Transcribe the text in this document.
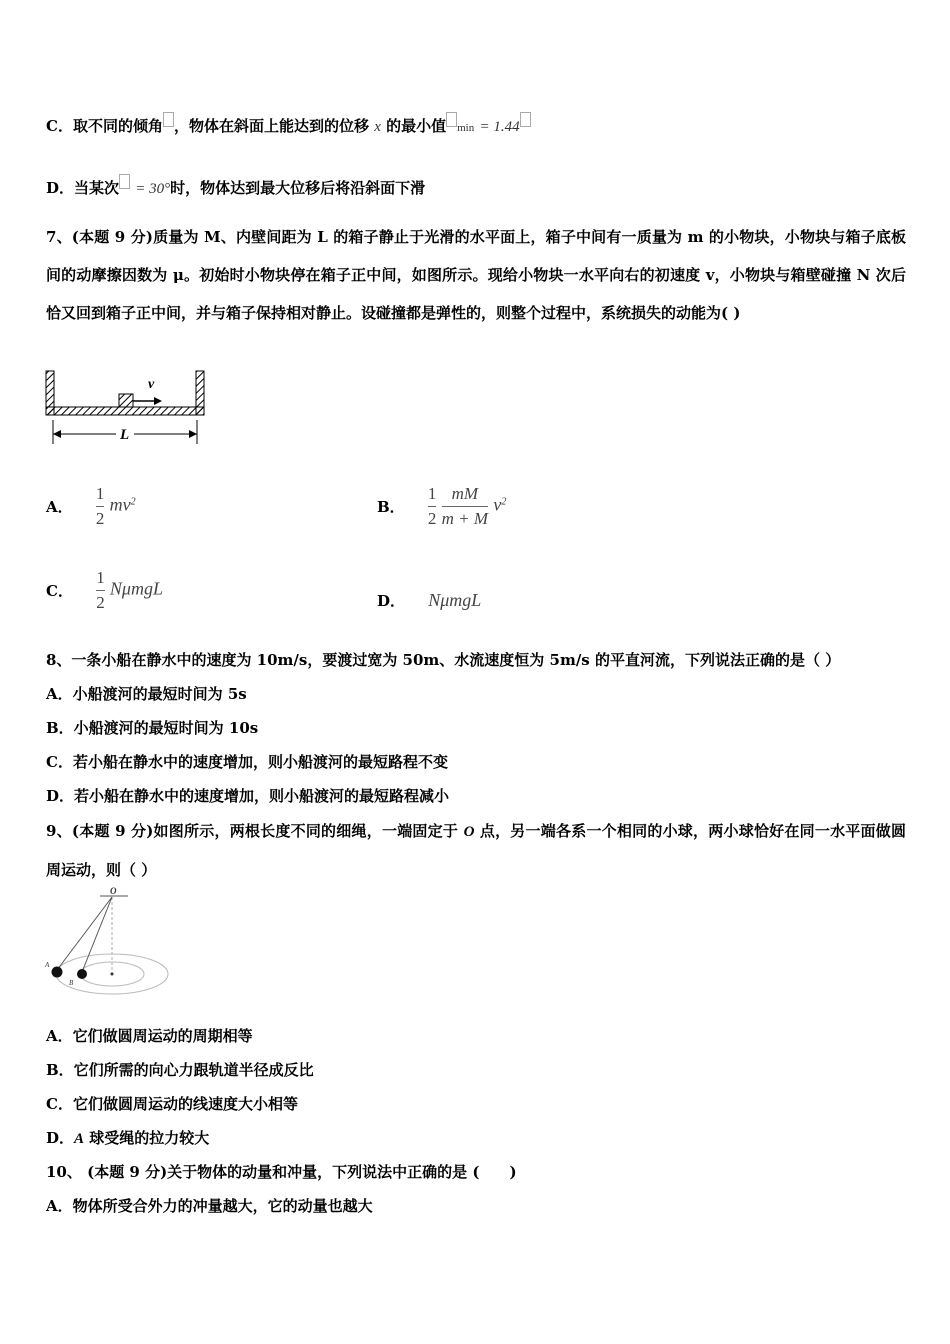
C．取不同的倾角 ，物体在斜面上能达到的位移 x 的最小值 min = 1.44
D．当某次 = 30°时，物体达到最大位移后将沿斜面下滑
7、(本题 9 分)质量为 M、内壁间距为 L 的箱子静止于光滑的水平面上，箱子中间有一质量为 m 的小物块，小物块与箱子底板间的动摩擦因数为 μ。初始时小物块停在箱子正中间，如图所示。现给小物块一水平向右的初速度 v，小物块与箱壁碰撞 N 次后恰又回到箱子正中间，并与箱子保持相对静止。设碰撞都是弹性的，则整个过程中，系统损失的动能为( )
v
L
A． $\frac{1}{2} mv^2$	B． $\frac{1}{2}$
$\frac{mM}{m + M} v^2$
C． $\frac{1}{2}$ NμmgL
D． NμmgL
8、一条小船在静水中的速度为 10m/s，要渡过宽为 50m、水流速度恒为 5m/s 的平直河流，下列说法正确的是（ ）
A．小船渡河的最短时间为 5s
B．小船渡河的最短时间为 10s
C．若小船在静水中的速度增加，则小船渡河的最短路程不变
D．若小船在静水中的速度增加，则小船渡河的最短路程减小
9、(本题 9 分)如图所示，两根长度不同的细绳，一端固定于 O 点，另一端各系一个相同的小球，两小球恰好在同一水平面做圆周运动，则（ ）
O
A
B
A．它们做圆周运动的周期相等
B．它们所需的向心力跟轨道半径成反比
C．它们做圆周运动的线速度大小相等
D．A 球受绳的拉力较大
10、 (本题 9 分)关于物体的动量和冲量，下列说法中正确的是 (　　)
A．物体所受合外力的冲量越大，它的动量也越大
